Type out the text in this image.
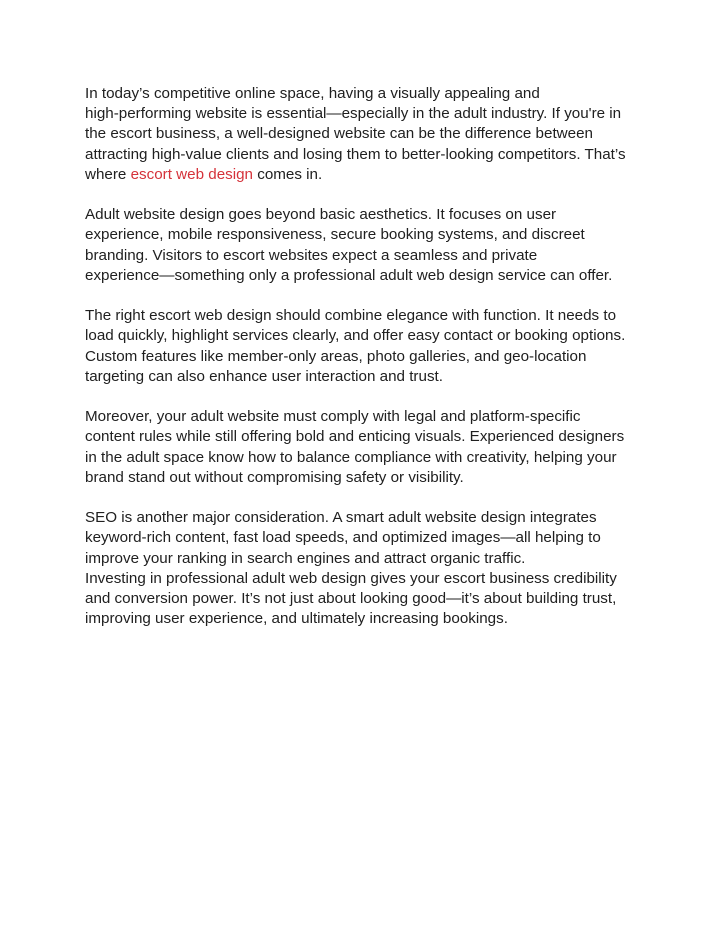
In today’s competitive online space, having a visually appealing and
high-performing website is essential—especially in the adult industry. If you're in
the escort business, a well-designed website can be the difference between
attracting high-value clients and losing them to better-looking competitors. That’s
where escort web design comes in.

Adult website design goes beyond basic aesthetics. It focuses on user
experience, mobile responsiveness, secure booking systems, and discreet
branding. Visitors to escort websites expect a seamless and private
experience—something only a professional adult web design service can offer.

The right escort web design should combine elegance with function. It needs to
load quickly, highlight services clearly, and offer easy contact or booking options.
Custom features like member-only areas, photo galleries, and geo-location
targeting can also enhance user interaction and trust.

Moreover, your adult website must comply with legal and platform-specific
content rules while still offering bold and enticing visuals. Experienced designers
in the adult space know how to balance compliance with creativity, helping your
brand stand out without compromising safety or visibility.

SEO is another major consideration. A smart adult website design integrates
keyword-rich content, fast load speeds, and optimized images—all helping to
improve your ranking in search engines and attract organic traffic.
Investing in professional adult web design gives your escort business credibility
and conversion power. It’s not just about looking good—it’s about building trust,
improving user experience, and ultimately increasing bookings.
